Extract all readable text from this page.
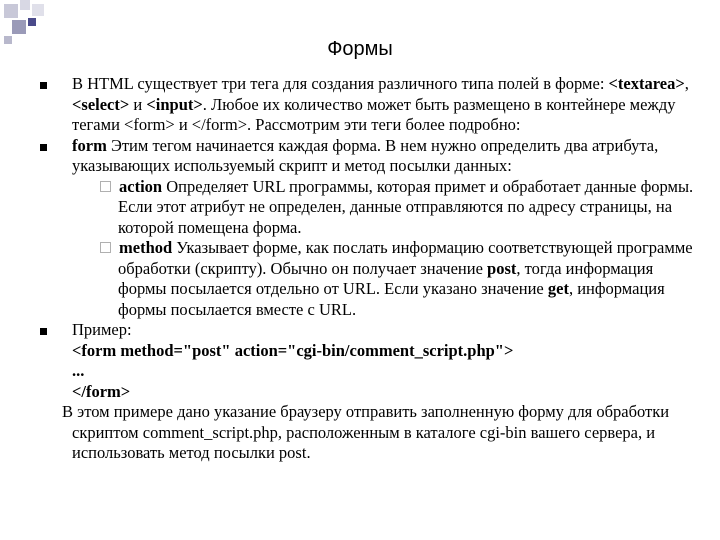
Формы
В HTML существует три тега для создания различного типа полей в форме: <textarea>, <select> и <input>. Любое их количество может быть размещено в контейнере между тегами <form> и </form>. Рассмотрим эти теги более подробно:
form Этим тегом начинается каждая форма. В нем нужно определить два атрибута, указывающих используемый скрипт и метод посылки данных:
action Определяет URL программы, которая примет и обработает данные формы. Если этот атрибут не определен, данные отправляются по адресу страницы, на которой помещена форма.
method Указывает форме, как послать информацию соответствующей программе обработки (скрипту). Обычно он получает значение post, тогда информация формы посылается отдельно от URL. Если указано значение get, информация формы посылается вместе с URL.
Пример:
<form method="post" action="cgi-bin/comment_script.php">
...
</form>
В этом примере дано указание браузеру отправить заполненную форму для обработки скриптом comment_script.php, расположенным в каталоге cgi-bin вашего сервера, и использовать метод посылки post.
